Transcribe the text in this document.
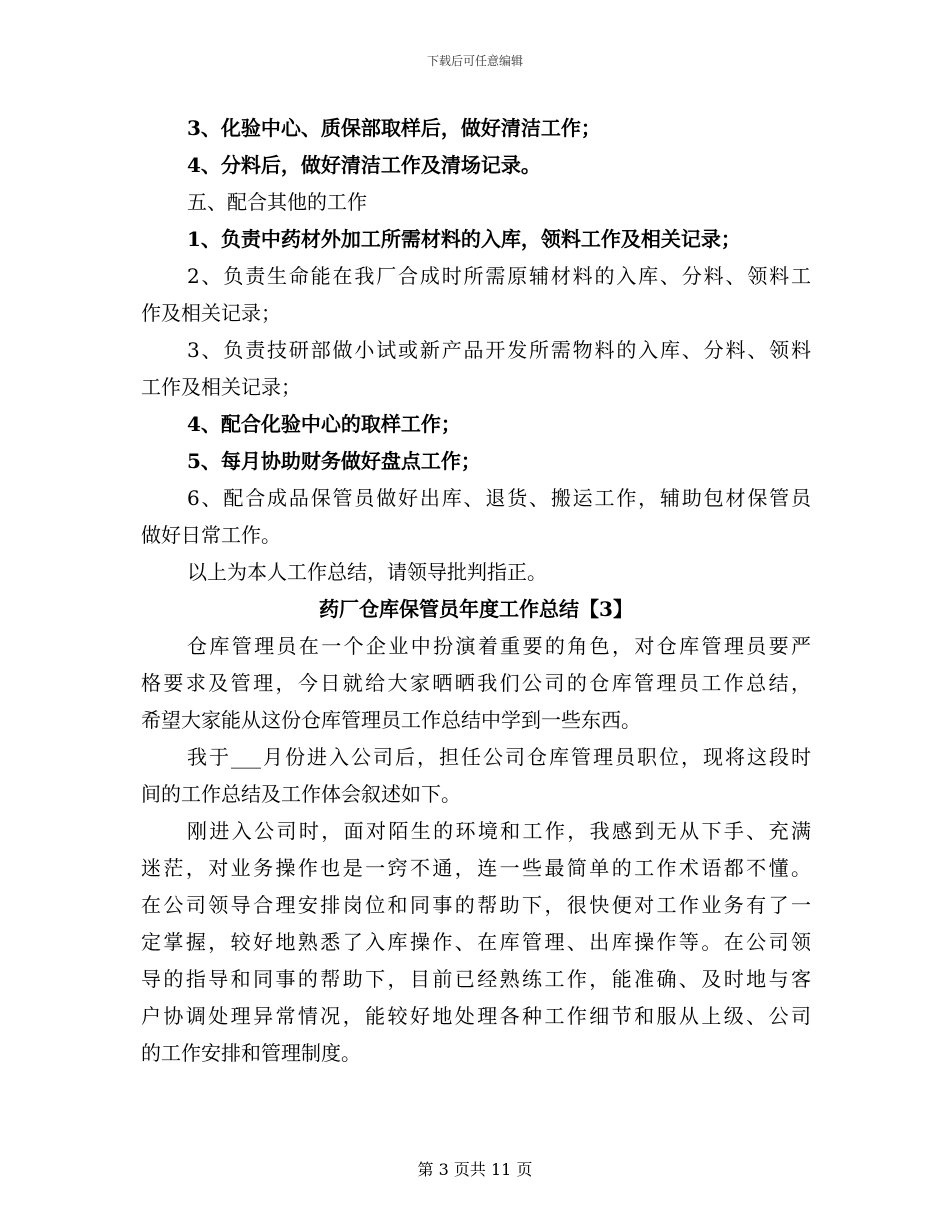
下载后可任意编辑
3、化验中心、质保部取样后，做好清洁工作；
4、分料后，做好清洁工作及清场记录。
五、配合其他的工作
1、负责中药材外加工所需材料的入库，领料工作及相关记录；
2、负责生命能在我厂合成时所需原辅材料的入库、分料、领料工
作及相关记录；
3、负责技研部做小试或新产品开发所需物料的入库、分料、领料
工作及相关记录；
4、配合化验中心的取样工作；
5、每月协助财务做好盘点工作；
6、配合成品保管员做好出库、退货、搬运工作，辅助包材保管员
做好日常工作。
以上为本人工作总结，请领导批判指正。
药厂仓库保管员年度工作总结【3】
仓库管理员在一个企业中扮演着重要的角色，对仓库管理员要严
格要求及管理，今日就给大家晒晒我们公司的仓库管理员工作总结，
希望大家能从这份仓库管理员工作总结中学到一些东西。
我于___月份进入公司后，担任公司仓库管理员职位，现将这段时
间的工作总结及工作体会叙述如下。
刚进入公司时，面对陌生的环境和工作，我感到无从下手、充满
迷茫，对业务操作也是一窍不通，连一些最简单的工作术语都不懂。
在公司领导合理安排岗位和同事的帮助下，很快便对工作业务有了一
定掌握，较好地熟悉了入库操作、在库管理、出库操作等。在公司领
导的指导和同事的帮助下，目前已经熟练工作，能准确、及时地与客
户协调处理异常情况，能较好地处理各种工作细节和服从上级、公司
的工作安排和管理制度。
第 3 页共 11 页
